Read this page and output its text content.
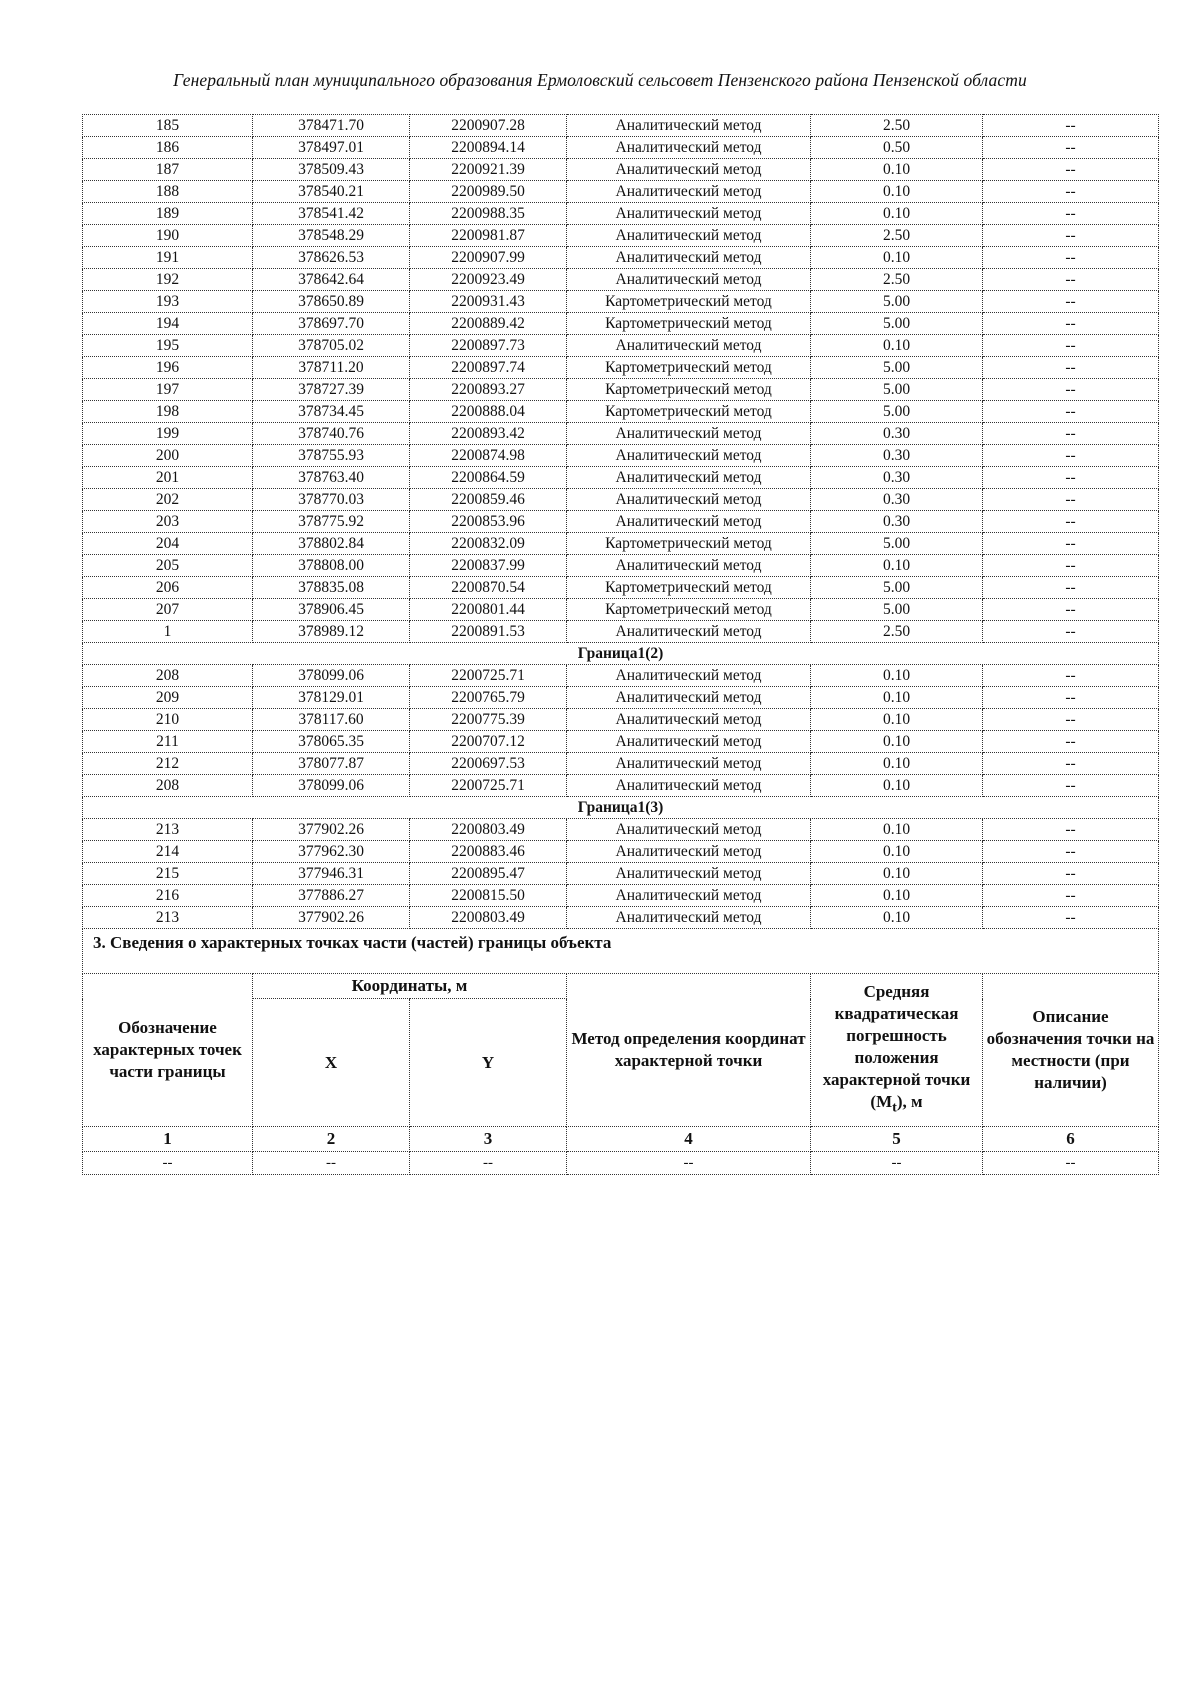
Генеральный план муниципального образования Ермоловский сельсовет Пензенского района Пензенской области
185	378471.70	2200907.28	Аналитический метод	2.50	--
186	378497.01	2200894.14	Аналитический метод	0.50	--
187	378509.43	2200921.39	Аналитический метод	0.10	--
188	378540.21	2200989.50	Аналитический метод	0.10	--
189	378541.42	2200988.35	Аналитический метод	0.10	--
190	378548.29	2200981.87	Аналитический метод	2.50	--
191	378626.53	2200907.99	Аналитический метод	0.10	--
192	378642.64	2200923.49	Аналитический метод	2.50	--
193	378650.89	2200931.43	Картометрический метод	5.00	--
194	378697.70	2200889.42	Картометрический метод	5.00	--
195	378705.02	2200897.73	Аналитический метод	0.10	--
196	378711.20	2200897.74	Картометрический метод	5.00	--
197	378727.39	2200893.27	Картометрический метод	5.00	--
198	378734.45	2200888.04	Картометрический метод	5.00	--
199	378740.76	2200893.42	Аналитический метод	0.30	--
200	378755.93	2200874.98	Аналитический метод	0.30	--
201	378763.40	2200864.59	Аналитический метод	0.30	--
202	378770.03	2200859.46	Аналитический метод	0.30	--
203	378775.92	2200853.96	Аналитический метод	0.30	--
204	378802.84	2200832.09	Картометрический метод	5.00	--
205	378808.00	2200837.99	Аналитический метод	0.10	--
206	378835.08	2200870.54	Картометрический метод	5.00	--
207	378906.45	2200801.44	Картометрический метод	5.00	--
1	378989.12	2200891.53	Аналитический метод	2.50	--
Граница1(2)					
208	378099.06	2200725.71	Аналитический метод	0.10	--
209	378129.01	2200765.79	Аналитический метод	0.10	--
210	378117.60	2200775.39	Аналитический метод	0.10	--
211	378065.35	2200707.12	Аналитический метод	0.10	--
212	378077.87	2200697.53	Аналитический метод	0.10	--
208	378099.06	2200725.71	Аналитический метод	0.10	--
Граница1(3)					
213	377902.26	2200803.49	Аналитический метод	0.10	--
214	377962.30	2200883.46	Аналитический метод	0.10	--
215	377946.31	2200895.47	Аналитический метод	0.10	--
216	377886.27	2200815.50	Аналитический метод	0.10	--
213	377902.26	2200803.49	Аналитический метод	0.10	--
3. Сведения о характерных точках части (частей) границы объекта					
Обозначение характерных точек части границы	Координаты, м		Метод определения координат характерной точки	Средняя квадратическая погрешность положения характерной точки $(M_t)$, м	Описание обозначения точки на местности (при наличии)
	X	Y			
1	2	3	4	5	6
--	--	--	--	--	--
